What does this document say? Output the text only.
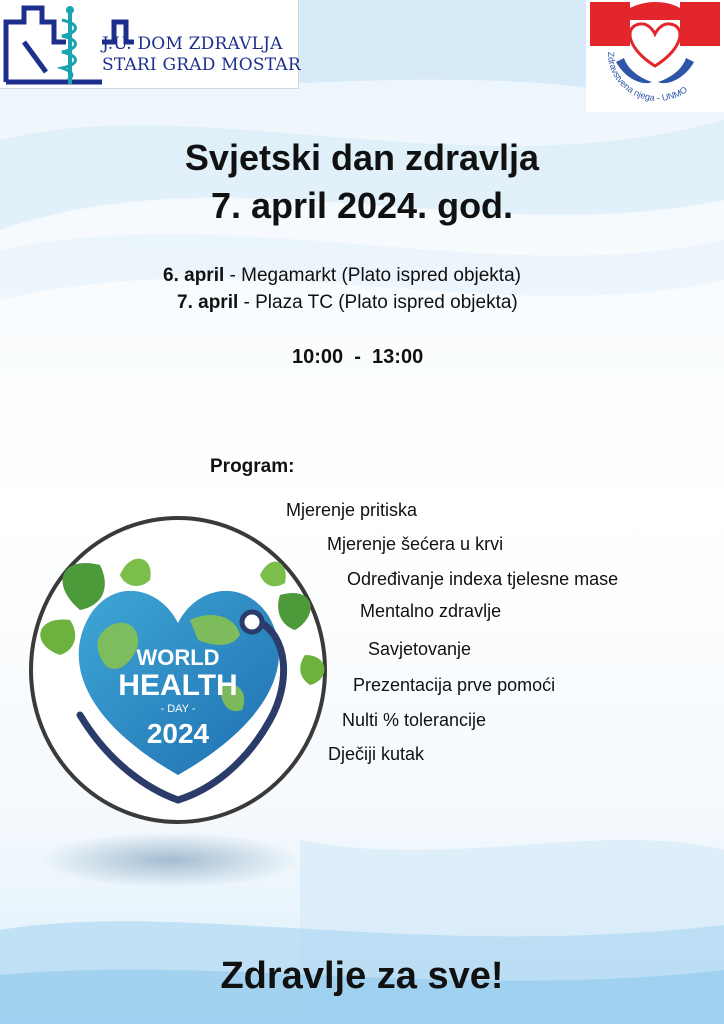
J.U. DOM ZDRAVLJA
STARI GRAD MOSTAR
Zdravstvena njega - UNMO
Svjetski dan zdravlja
7. april 2024. god.
6. april - Megamarkt (Plato ispred objekta)
7. april - Plaza TC (Plato ispred objekta)
10:00  -  13:00
Program:
Mjerenje pritiska
Mjerenje šećera u krvi
Određivanje indexa tjelesne mase
Mentalno zdravlje
Savjetovanje
Prezentacija prve pomoći
Nulti % tolerancije
Dječiji kutak
WORLD
HEALTH
- DAY -
2024
Zdravlje za sve!
